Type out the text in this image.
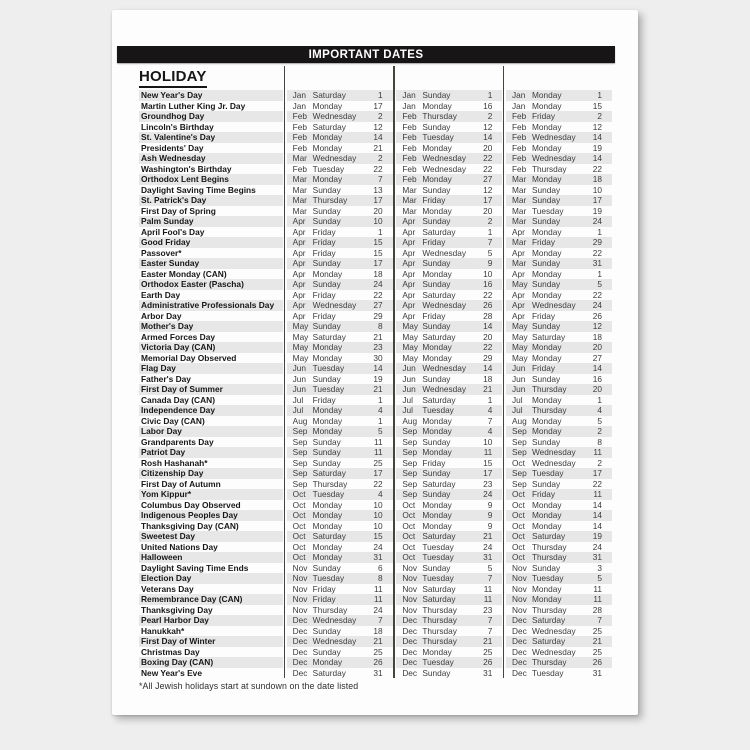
IMPORTANT DATES
HOLIDAY
New Year's Day	Jan Saturday	1	Jan Sunday	1	Jan Monday	1
Martin Luther King Jr. Day	Jan Monday	17	Jan Monday	16	Jan Monday	15
Groundhog Day	Feb Wednesday	2	Feb Thursday	2	Feb Friday	2
Lincoln's Birthday	Feb Saturday	12	Feb Sunday	12	Feb Monday	12
St. Valentine's Day	Feb Monday	14	Feb Tuesday	14	Feb Wednesday	14
Presidents' Day	Feb Monday	21	Feb Monday	20	Feb Monday	19
Ash Wednesday	Mar Wednesday	2	Feb Wednesday	22	Feb Wednesday	14
Washington's Birthday	Feb Tuesday	22	Feb Wednesday	22	Feb Thursday	22
Orthodox Lent Begins	Mar Monday	7	Feb Monday	27	Mar Monday	18
Daylight Saving Time Begins	Mar Sunday	13	Mar Sunday	12	Mar Sunday	10
St. Patrick's Day	Mar Thursday	17	Mar Friday	17	Mar Sunday	17
First Day of Spring	Mar Sunday	20	Mar Monday	20	Mar Tuesday	19
Palm Sunday	Apr Sunday	10	Apr Sunday	2	Mar Sunday	24
April Fool's Day	Apr Friday	1	Apr Saturday	1	Apr Monday	1
Good Friday	Apr Friday	15	Apr Friday	7	Mar Friday	29
Passover*	Apr Friday	15	Apr Wednesday	5	Apr Monday	22
Easter Sunday	Apr Sunday	17	Apr Sunday	9	Mar Sunday	31
Easter Monday (CAN)	Apr Monday	18	Apr Monday	10	Apr Monday	1
Orthodox Easter (Pascha)	Apr Sunday	24	Apr Sunday	16	May Sunday	5
Earth Day	Apr Friday	22	Apr Saturday	22	Apr Monday	22
Administrative Professionals Day	Apr Wednesday	27	Apr Wednesday	26	Apr Wednesday	24
Arbor Day	Apr Friday	29	Apr Friday	28	Apr Friday	26
Mother's Day	May Sunday	8	May Sunday	14	May Sunday	12
Armed Forces Day	May Saturday	21	May Saturday	20	May Saturday	18
Victoria Day (CAN)	May Monday	23	May Monday	22	May Monday	20
Memorial Day Observed	May Monday	30	May Monday	29	May Monday	27
Flag Day	Jun Tuesday	14	Jun Wednesday	14	Jun Friday	14
Father's Day	Jun Sunday	19	Jun Sunday	18	Jun Sunday	16
First Day of Summer	Jun Tuesday	21	Jun Wednesday	21	Jun Thursday	20
Canada Day (CAN)	Jul	Friday	1	Jul	Saturday	1	Jul	Monday	1
Independence Day	Jul	Monday	4	Jul	Tuesday	4	Jul	Thursday	4
Civic Day (CAN)	Aug Monday	1	Aug Monday	7	Aug Monday	5
Labor Day	Sep Monday	5	Sep Monday	4	Sep Monday	2
Grandparents Day	Sep Sunday	11	Sep Sunday	10	Sep Sunday	8
Patriot Day	Sep Sunday	11	Sep Monday	11	Sep Wednesday	11
Rosh Hashanah*	Sep Sunday	25	Sep Friday	15	Oct Wednesday	2
Citizenship Day	Sep Saturday	17	Sep Sunday	17	Sep Tuesday	17
First Day of Autumn	Sep Thursday	22	Sep Saturday	23	Sep Sunday	22
Yom Kippur*	Oct Tuesday	4	Sep Sunday	24	Oct Friday	11
Columbus Day Observed	Oct Monday	10	Oct Monday	9	Oct Monday	14
Indigenous Peoples Day	Oct Monday	10	Oct Monday	9	Oct Monday	14
Thanksgiving Day (CAN)	Oct Monday	10	Oct Monday	9	Oct Monday	14
Sweetest Day	Oct Saturday	15	Oct Saturday	21	Oct Saturday	19
United Nations Day	Oct Monday	24	Oct Tuesday	24	Oct Thursday	24
Halloween	Oct Monday	31	Oct Tuesday	31	Oct Thursday	31
Daylight Saving Time Ends	Nov Sunday	6	Nov Sunday	5	Nov Sunday	3
Election Day	Nov Tuesday	8	Nov Tuesday	7	Nov Tuesday	5
Veterans Day	Nov Friday	11	Nov Saturday	11	Nov Monday	11
Remembrance Day (CAN)	Nov Friday	11	Nov Saturday	11	Nov Monday	11
Thanksgiving Day	Nov Thursday	24	Nov Thursday	23	Nov Thursday	28
Pearl Harbor Day	Dec Wednesday	7	Dec Thursday	7	Dec Saturday	7
Hanukkah*	Dec Sunday	18	Dec Thursday	7	Dec Wednesday	25
First Day of Winter	Dec Wednesday	21	Dec Thursday	21	Dec Saturday	21
Christmas Day	Dec Sunday	25	Dec Monday	25	Dec Wednesday	25
Boxing Day (CAN)	Dec Monday	26	Dec Tuesday	26	Dec Thursday	26
New Year's Eve	Dec Saturday	31	Dec Sunday	31	Dec Tuesday	31
*All Jewish holidays start at sundown on the date listed
